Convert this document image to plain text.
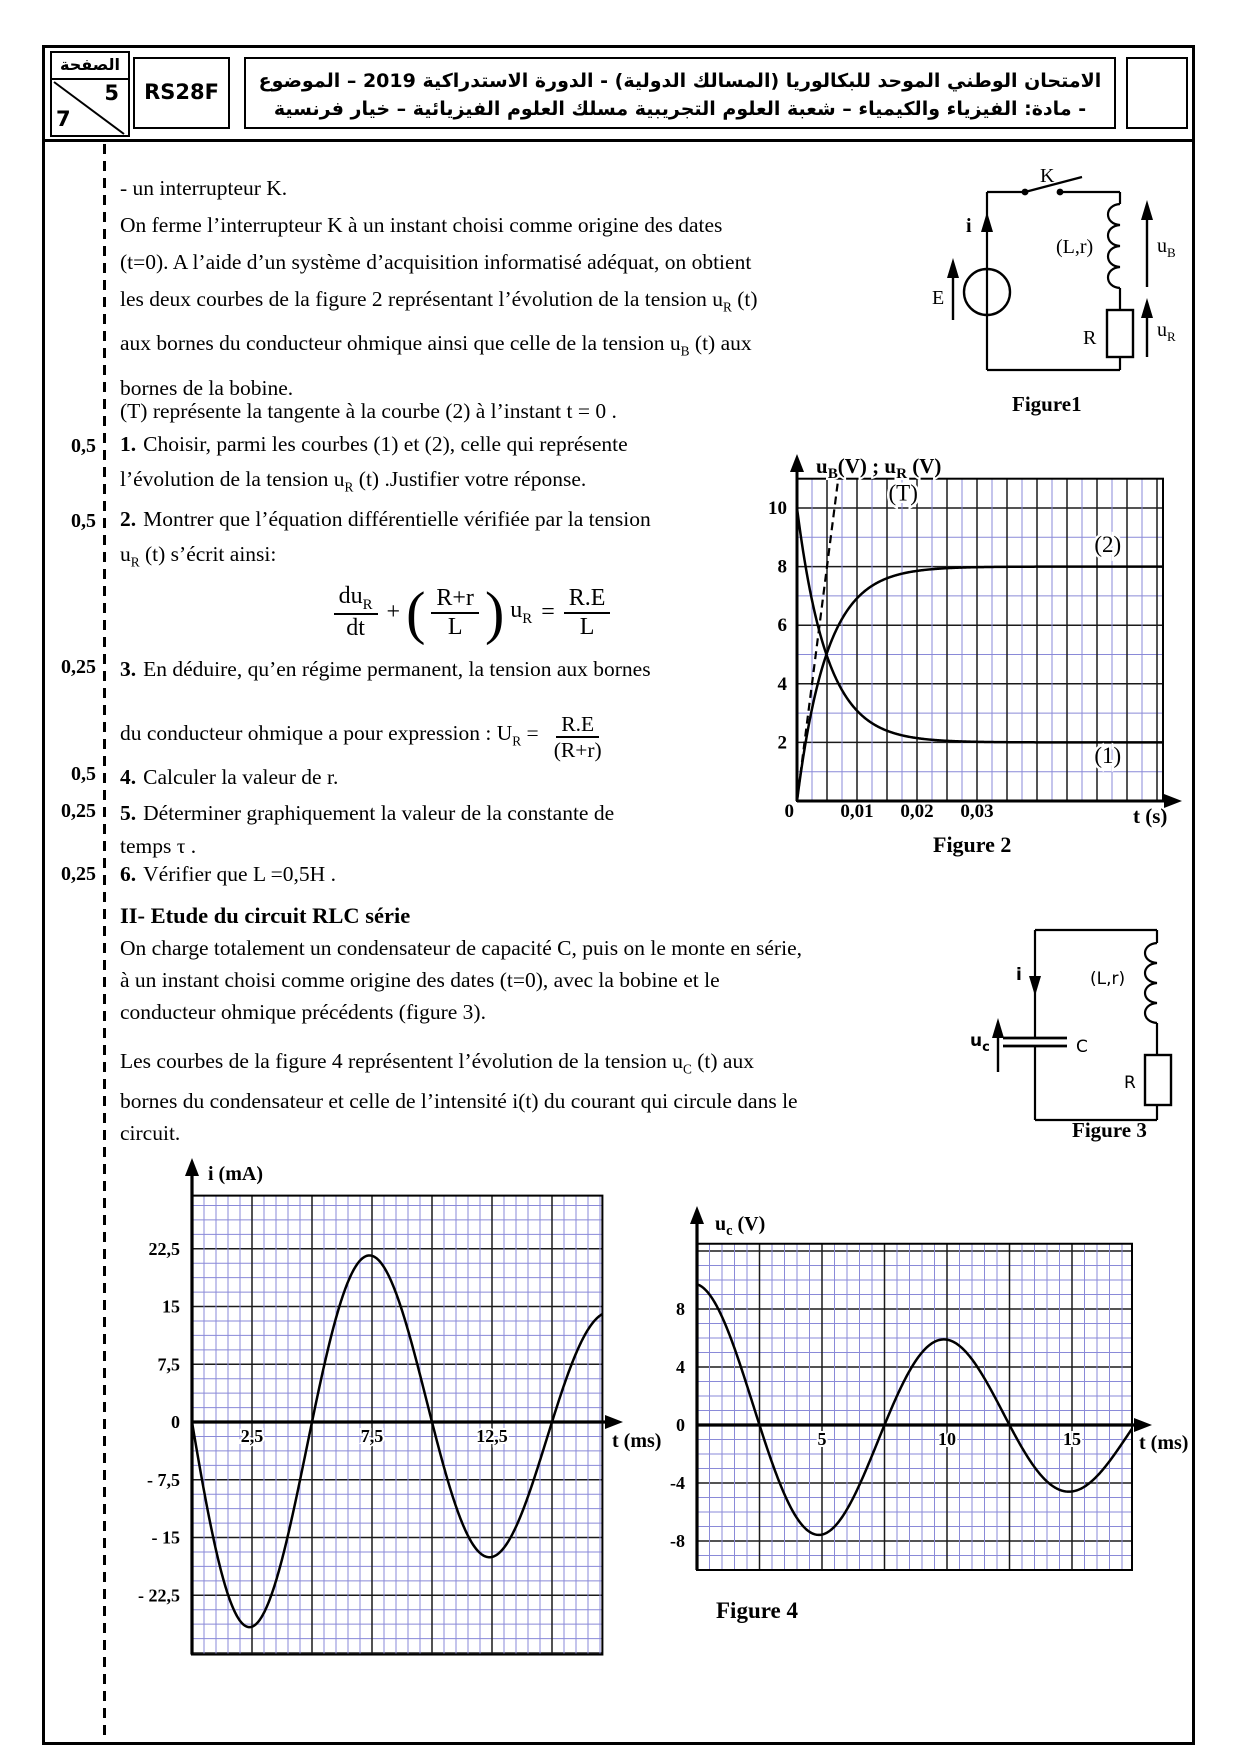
الصفحة
5
7
RS28F	الامتحان الوطني الموحد للبكالوريا (المسالك الدولية) - الدورة الاستدراكية 2019 – الموضوع
- مادة: الفيزياء والكيمياء – شعبة العلوم التجريبية مسلك العلوم الفيزيائية – خيار فرنسية
0,5
0,5
0,25
0,5
0,25
0,25
- un interrupteur K.
On ferme l’interrupteur K à un instant choisi comme origine des dates
(t=0). A l’aide d’un système d’acquisition informatisé adéquat, on obtient
les deux courbes de la figure 2 représentant l’évolution de la tension $u_R$ (t)
aux bornes du conducteur ohmique ainsi que celle de la tension $u_B$ (t) aux
bornes de la bobine.
(T) représente la tangente à la courbe (2) à l’instant t = 0 .
1. Choisir, parmi les courbes (1) et (2), celle qui représente
l’évolution de la tension $u_R$ (t) .Justifier votre réponse.
2. Montrer que l’équation différentielle vérifiée par la tension
$u_R$ (t) s’écrit ainsi:
$\frac{du_R}{dt}$ + ( $\frac{R+r}{L}$ ) $u_R = \frac{R.E}{L}$
3. En déduire, qu’en régime permanent, la tension aux bornes
du conducteur ohmique a pour expression : $U_R = \frac{R.E}{(R+r)}$
4. Calculer la valeur de r.
5. Déterminer graphiquement la valeur de la constante de
temps τ .
6. Vérifier que L =0,5H .
II- Etude du circuit RLC série
On charge totalement un condensateur de capacité C, puis on le monte en série,
à un instant choisi comme origine des dates (t=0), avec la bobine et le
conducteur ohmique précédents (figure 3).
Les courbes de la figure 4 représentent l’évolution de la tension $u_C$ (t) aux
bornes du condensateur et celle de l’intensité i(t) du courant qui circule dans le
circuit.
K
i
E
(L,r)	$u_B$
R	$u_R$
Figure1
10
8
6
4
2
0,01 0,02 0,03
0
$u_B(V)$ ; $u_R$ (V)
t (s)
(T)
(2)
(1)
Figure 2
i
$u_c$	C
(L,r)
R
Figure 3
22,5
15
7,5
0
- 7,5
- 15
- 22,5
2,5	7,5	12,5
i (mA)
t (ms)
8
4
0
-4
-8
5	10	15
$u_c$ (V)
t (ms)
Figure 4
